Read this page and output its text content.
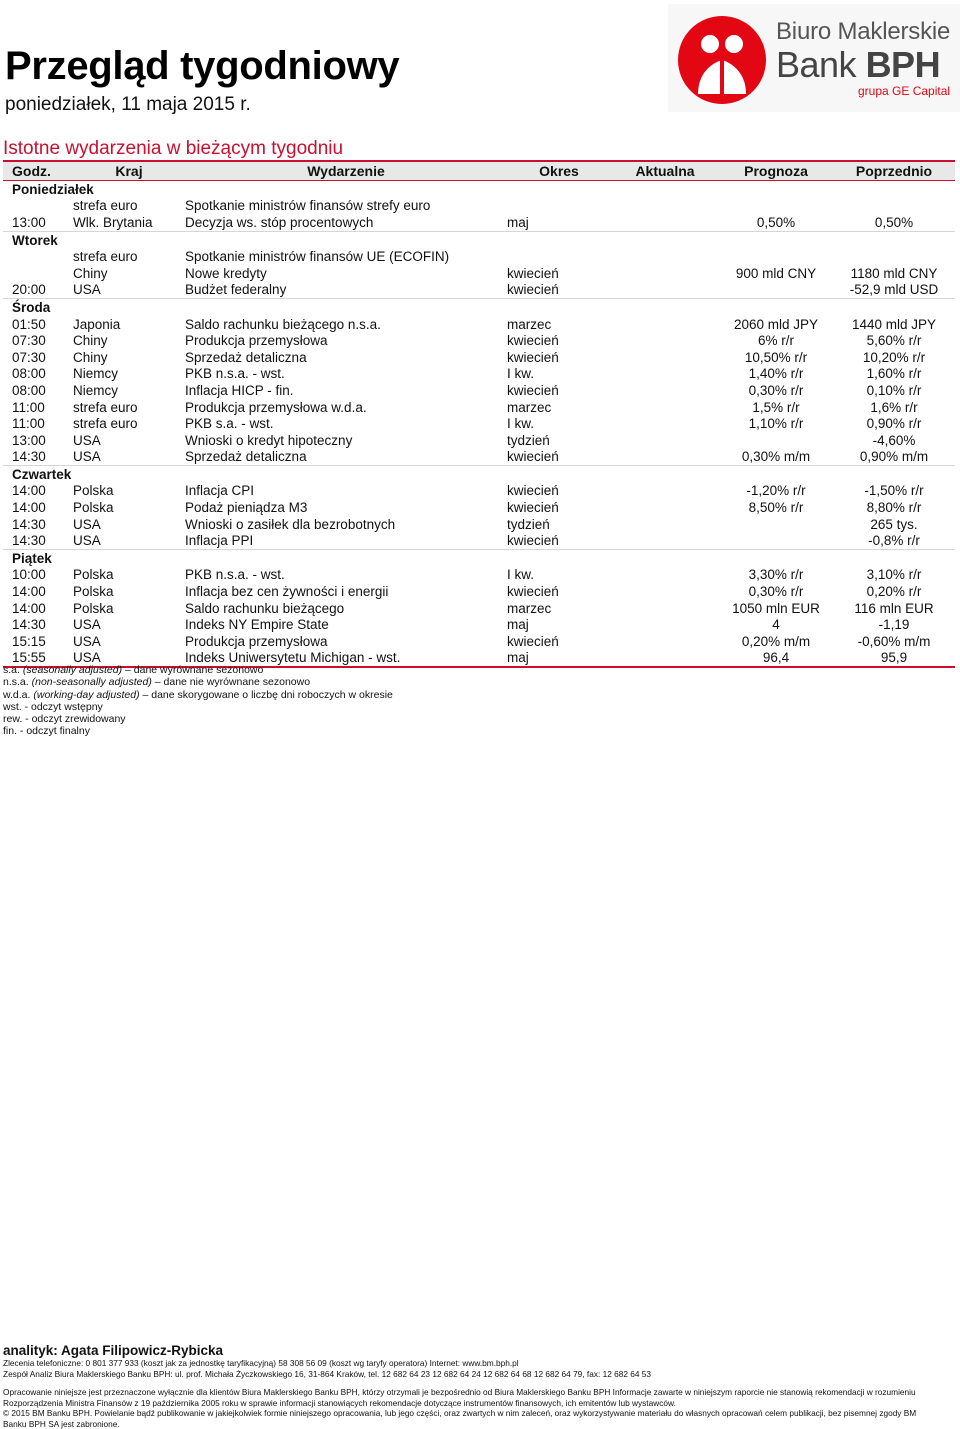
Przegląd tygodniowy
poniedziałek, 11 maja 2015 r.
Biuro Maklerskie
Bank BPH
grupa GE Capital
Istotne wydarzenia w bieżącym tygodniu
Godz.	Kraj	Wydarzenie	Okres	Aktualna	Prognoza	Poprzednio
Poniedziałek						
	strefa euro	Spotkanie ministrów finansów strefy euro				
13:00	Wlk. Brytania	Decyzja ws. stóp procentowych	maj		0,50%	0,50%
Wtorek						
	strefa euro	Spotkanie ministrów finansów UE (ECOFIN)				
	Chiny	Nowe kredyty	kwiecień		900 mld CNY	1180 mld CNY
20:00	USA	Budżet federalny	kwiecień			-52,9 mld USD
Środa						
01:50	Japonia	Saldo rachunku bieżącego n.s.a.	marzec		2060 mld JPY	1440 mld JPY
07:30	Chiny	Produkcja przemysłowa	kwiecień		6% r/r	5,60% r/r
07:30	Chiny	Sprzedaż detaliczna	kwiecień		10,50% r/r	10,20% r/r
08:00	Niemcy	PKB n.s.a. - wst.	I kw.		1,40% r/r	1,60% r/r
08:00	Niemcy	Inflacja HICP - fin.	kwiecień		0,30% r/r	0,10% r/r
11:00	strefa euro	Produkcja przemysłowa w.d.a.	marzec		1,5% r/r	1,6% r/r
11:00	strefa euro	PKB s.a. - wst.	I kw.		1,10% r/r	0,90% r/r
13:00	USA	Wnioski o kredyt hipoteczny	tydzień			-4,60%
14:30	USA	Sprzedaż detaliczna	kwiecień		0,30% m/m	0,90% m/m
Czwartek						
14:00	Polska	Inflacja CPI	kwiecień		-1,20% r/r	-1,50% r/r
14:00	Polska	Podaż pieniądza M3	kwiecień		8,50% r/r	8,80% r/r
14:30	USA	Wnioski o zasiłek dla bezrobotnych	tydzień			265 tys.
14:30	USA	Inflacja PPI	kwiecień			-0,8% r/r
Piątek						
10:00	Polska	PKB n.s.a. - wst.	I kw.		3,30% r/r	3,10% r/r
14:00	Polska	Inflacja bez cen żywności i energii	kwiecień		0,30% r/r	0,20% r/r
14:00	Polska	Saldo rachunku bieżącego	marzec		1050 mln EUR	116 mln EUR
14:30	USA	Indeks NY Empire State	maj		4	-1,19
15:15	USA	Produkcja przemysłowa	kwiecień		0,20% m/m	-0,60% m/m
15:55	USA	Indeks Uniwersytetu Michigan - wst.	maj		96,4	95,9
s.a. (seasonally adjusted) – dane wyrównane sezonowo
n.s.a. (non-seasonally adjusted) – dane nie wyrównane sezonowo
w.d.a. (working-day adjusted) – dane skorygowane o liczbę dni roboczych w okresie
wst. - odczyt wstępny
rew. - odczyt zrewidowany
fin. - odczyt finalny
analityk: Agata Filipowicz-Rybicka
Zlecenia telefoniczne: 0 801 377 933 (koszt jak za jednostkę taryfikacyjną) 58 308 56 09 (koszt wg taryfy operatora) Internet: www.bm.bph.pl
Zespół Analiz Biura Maklerskiego Banku BPH: ul. prof. Michała Życzkowskiego 16, 31-864 Kraków, tel. 12 682 64 23 12 682 64 24 12 682 64 68 12 682 64 79, fax: 12 682 64 53
Opracowanie niniejsze jest przeznaczone wyłącznie dla klientów Biura Maklerskiego Banku BPH, którzy otrzymali je bezpośrednio od Biura Maklerskiego Banku BPH Informacje zawarte w niniejszym raporcie nie stanowią rekomendacji w rozumieniu
Rozporządzenia Ministra Finansów z 19 października 2005 roku w sprawie informacji stanowiących rekomendacje dotyczące instrumentów finansowych, ich emitentów lub wystawców.
© 2015 BM Banku BPH. Powielanie bądź publikowanie w jakiejkolwiek formie niniejszego opracowania, lub jego części, oraz zwartych w nim zaleceń, oraz wykorzystywanie materiału do własnych opracowań celem publikacji, bez pisemnej zgody BM
Banku BPH SA jest zabronione.
